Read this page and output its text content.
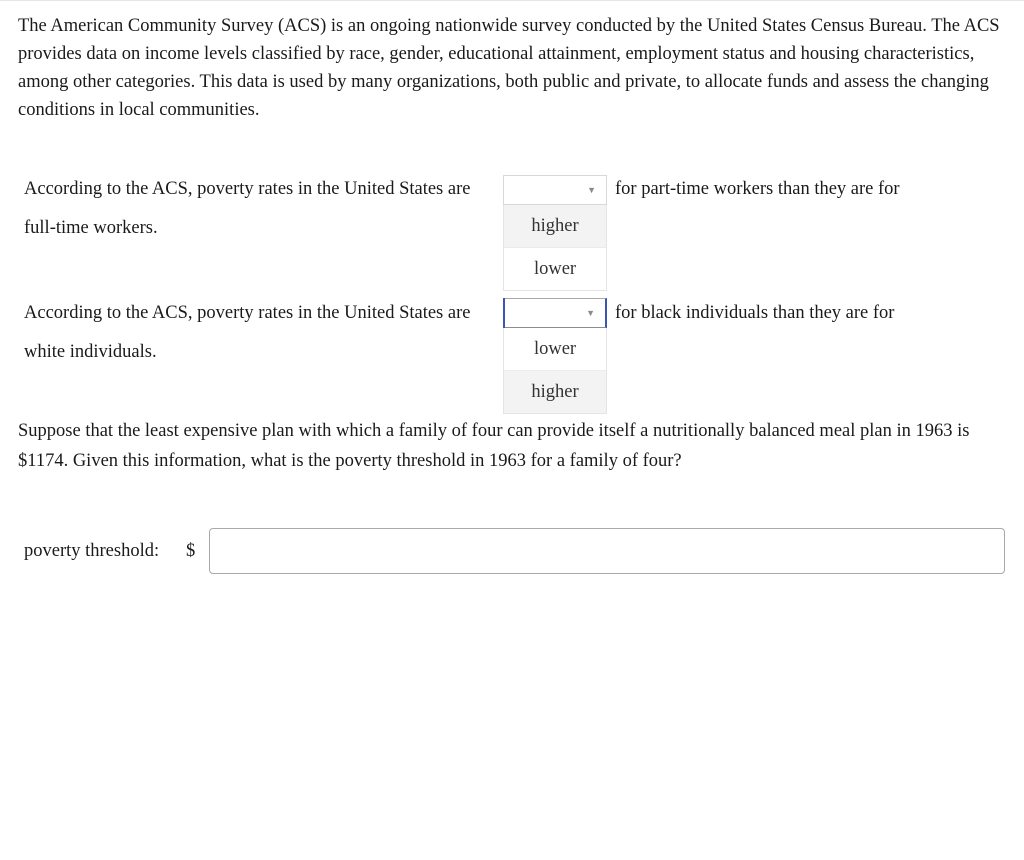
The American Community Survey (ACS) is an ongoing nationwide survey conducted by the United States Census Bureau. The ACS provides data on income levels classified by race, gender, educational attainment, employment status and housing characteristics, among other categories. This data is used by many organizations, both public and private, to allocate funds and assess the changing conditions in local communities.

According to the ACS, poverty rates in the United States are	▼
higher
lower
for part-time workers than they are for
full-time workers.
According to the ACS, poverty rates in the United States are	▼
lower
higher
for black individuals than they are for
white individuals.

Suppose that the least expensive plan with which a family of four can provide itself a nutritionally balanced meal plan in 1963 is $1174. Given this information, what is the poverty threshold in 1963 for a family of four?

poverty threshold: $
